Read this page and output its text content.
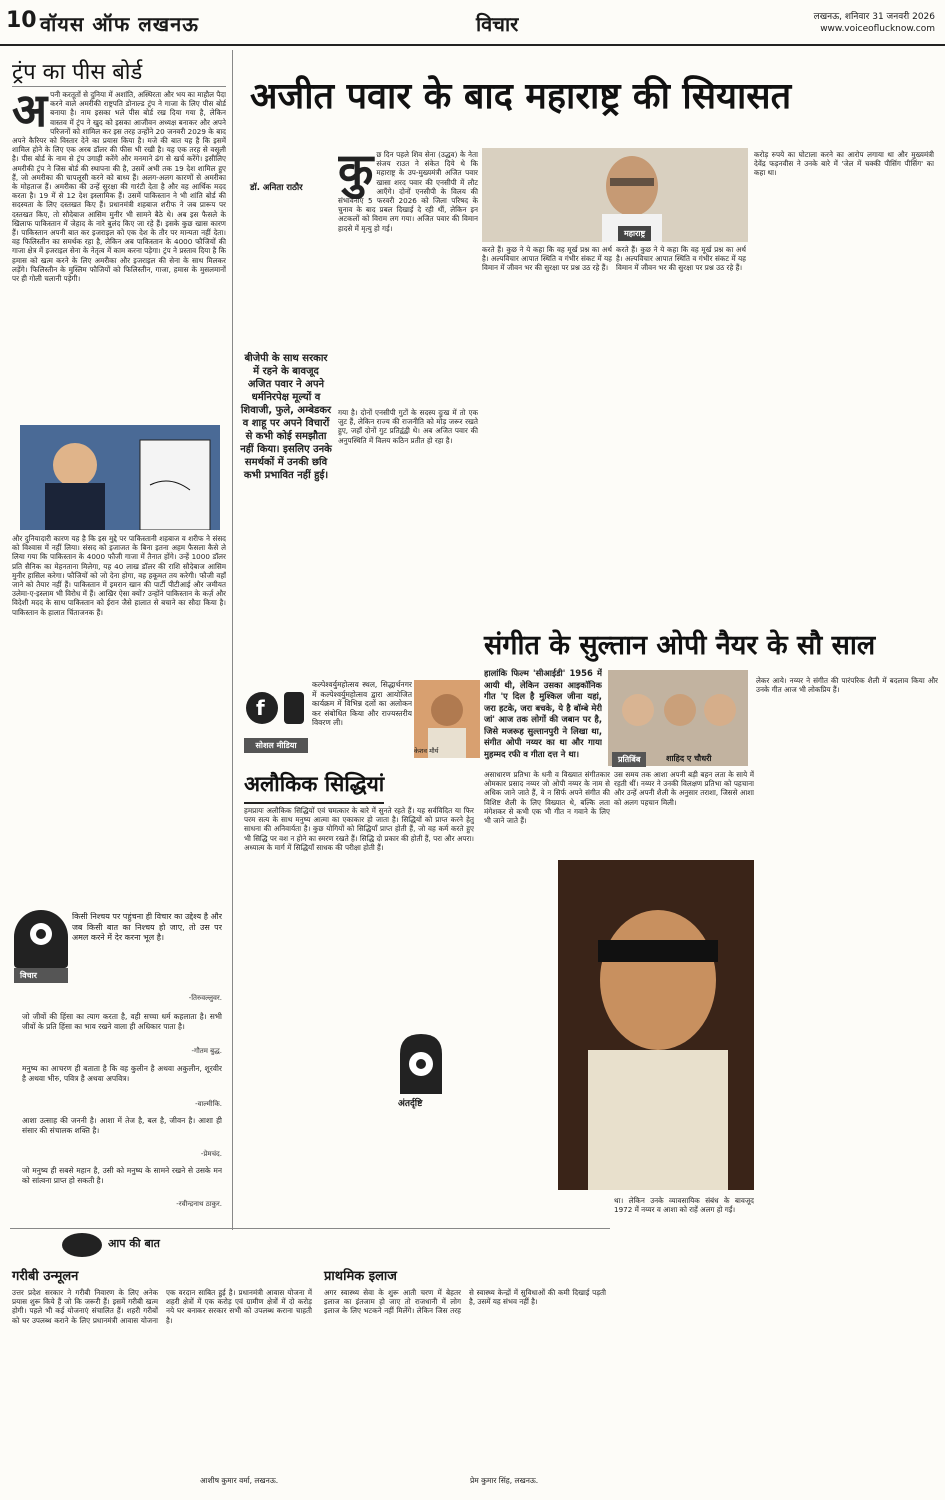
10 वॉयस ऑफ लखनऊ	विचार	लखनऊ, शनिवार 31 जनवरी 2026
www.voiceoflucknow.com
ट्रंप का पीस बोर्ड
अ पनी करतूतों से दुनिया में अशांति, अस्थिरता और भय का माहौल पैदा करने वाले अमरीकी राष्ट्रपति डोनाल्ड ट्रंप ने गाजा के लिए पीस बोर्ड बनाया है। नाम इसका भले पीस बोर्ड रख दिया गया है, लेकिन वास्तव में ट्रंप ने खुद को इसका आजीवन अध्यक्ष बनाकर और अपने परिजनों को शामिल कर इस तरह उन्होंने 20 जनवरी 2029 के बाद अपने कैरियर को विस्तार देने का प्रयास किया है। मजे की बात यह है कि इसमें शामिल होने के लिए एक अरब डॉलर की फीस भी रखी है। यह एक तरह से वसूली है। पीस बोर्ड के नाम से ट्रंप उगाही करेंगे और मनमाने ढंग से खर्च करेंगे। इसीलिए अमरीकी ट्रंप ने जिस बोर्ड की स्थापना की है, उसमें अभी तक 19 देश शामिल हुए हैं, जो अमरीका की चापलूसी करने को बाध्य हैं। अलग-अलग कारणों से अमरीका के मोहताज हैं। अमरीका की उन्हें सुरक्षा की गारंटी देता है और वह आर्थिक मदद करता है। 19 में से 12 देश इस्लामिक हैं। उसमें पाकिस्तान ने भी शांति बोर्ड की सदस्यता के लिए दस्तखत किए हैं। प्रधानमंत्री शहबाज शरीफ ने जब प्रारूप पर दस्तखत किए, तो सौदेबाज आसिम मुनीर भी सामने बैठे थे। अब इस फैसले के खिलाफ पाकिस्तान में जेहाद के नारे बुलंद किए जा रहे हैं। इसके कुछ खास कारण हैं। पाकिस्तान अपनी बात कर इजराइल को एक देश के तौर पर मान्यता नहीं देता। वह फिलिस्तीन का समर्थक रहा है, लेकिन अब पाकिस्तान के 4000 फौजियों की गाजा क्षेत्र में इजराइल सेना के नेतृत्व में काम करना पड़ेगा। ट्रंप ने प्रस्ताव दिया है कि हमास को खत्म करने के लिए अमरीका और इजराइल की सेना के साथ मिलकर लड़ेंगे। फिलिस्तीन के मुस्लिम फौजियों को फिलिस्तीन, गाजा, हमास के मुसलमानों पर ही गोली चलानी पड़ेगी।
और दुनियादारी कारण यह है कि इस मुद्दे पर पाकिस्तानी शहबाज व शरीफ ने संसद को विश्वास में नहीं लिया। संसद को इजाजत के बिना इतना अहम फैसला कैसे ले लिया गया कि पाकिस्तान के 4000 फौजी गाजा में तैनात होंगे। उन्हें 1000 डॉलर प्रति सैनिक का मेहनताना मिलेगा, यह 40 लाख डॉलर की राशि सौदेबाज आसिम मुनीर हासिल करेगा। फौजियों को जो देना होगा, वह हकूमत तय करेगी। फौजी वहाँ जाने को तैयार नहीं हैं। पाकिस्तान में इमरान खान की पार्टी पीटीआई और जमीयत उलेमा-ए-इस्लाम भी विरोध में हैं। आखिर ऐसा क्यों? उन्होंने पाकिस्तान के कर्ज़ और विदेशी मदद के साथ पाकिस्तान को ईरान जैसे हालात से बचाने का सौदा किया है। पाकिस्तान के हालात चिंताजनक हैं।
विचार
किसी निश्चय पर पहुंचना ही विचार का उद्देश्य है और जब किसी बात का निश्चय हो जाए, तो उस पर अमल करने में देर करना भूल है।
-तिरुवल्लुवर.
जो जीवों की हिंसा का त्याग करता है, वही सच्चा धर्म कहलाता है। सभी जीवों के प्रति हिंसा का भाव रखने वाला ही अधिकार पाता है।
-गौतम बुद्ध.
मनुष्य का आचरण ही बताता है कि वह कुलीन है अथवा अकुलीन, शूरवीर है अथवा भीरु, पवित्र है अथवा अपवित्र।
-वाल्मीकि.
आशा उत्साह की जननी है। आशा में तेज है, बल है, जीवन है। आशा ही संसार की संचालक शक्ति है।
-प्रेमचंद.
जो मनुष्य ही सबसे महान है, उसी को मनुष्य के सामने रखने से उसके मन को सांत्वना प्राप्त हो सकती है।
-रवीन्द्रनाथ ठाकुर.
अजीत पवार के बाद महाराष्ट्र की सियासत
डॉ. अनिता राठौर कु छ दिन पहले शिव सेना (उद्धव) के नेता संजय राउत ने संकेत दिये थे कि महाराष्ट्र के उप-मुख्यमंत्री अजित पवार खासा शरद पवार की एनसीपी में लौट आएँगे। दोनों एनसीपी के विलय की संभावनाएं 5 फरवरी 2026 को जिला परिषद के चुनाव के बाद प्रबल दिखाई दे रही थीं, लेकिन इन अटकलों को विराम लग गया। अजित पवार की विमान हादसे में मृत्यु हो गई।
गया है। दोनों एनसीपी गुटों के सदस्य दुःख में तो एक जुट हैं, लेकिन राज्य की राजनीति को मोड़ जरूर रखते हुए, जहाँ दोनों गुट प्रतिद्वंद्वी थे। अब अजित पवार की अनुपस्थिति में विलय कठिन प्रतीत हो रहा है।
करते हैं। कुछ ने ये कहा कि वह मूर्ख प्रश्न का अर्थ है। अल्पविचार आपात स्थिति व गंभीर संकट में यह विमान में जीवन भर की सुरक्षा पर प्रश्न उठ रहे हैं।
करते हैं। कुछ ने ये कहा कि वह मूर्ख प्रश्न का अर्थ है। अल्पविचार आपात स्थिति व गंभीर संकट में यह विमान में जीवन भर की सुरक्षा पर प्रश्न उठ रहे हैं।
करोड़ रुपये का घोटाला करने का आरोप लगाया था और मुख्यमंत्री देवेंद्र फड़नवीस ने उनके बारे में 'जेल में चक्की पीसिंग पीसिंग' का कहा था।
महाराष्ट्र
बीजेपी के साथ सरकार में रहने के बावजूद अजित पवार ने अपने धर्मनिरपेक्ष मूल्यों व शिवाजी, फुले, अम्बेडकर व शाहू पर अपने विचारों से कभी कोई समझौता नहीं किया। इसलिए उनके समर्थकों में उनकी छवि कभी प्रभावित नहीं हुई।
f
सोशल मीडिया
कल्पेश्वर्युमहोत्सव स्थल, सिद्धार्थनगर में कल्पेश्वर्युमहोत्सव द्वारा आयोजित कार्यक्रम में विभिन्न दलों का अलोकन कर संबोधित किया और राज्यस्तरीय विवरण ली।
केशव मौर्य
संगीत के सुल्तान ओपी नैयर के सौ साल
हालांकि फिल्म 'सीआईडी' 1956 में आयी थी, लेकिन उसका आइकॉनिक गीत 'ए दिल है मुश्किल जीना यहां, जरा हटके, जरा बचके, ये है बॉम्बे मेरी जां' आज तक लोगों की जबान पर है, जिसे मजरूह सुल्तानपुरी ने लिखा था, संगीत ओपी नय्यर का था और गाया मुहम्मद रफी व गीता दत्त ने था।
प्रतिबिंब	शाहिद ए चौधरी
अलौकिक सिद्धियां
हमप्रायः अलौकिक सिद्धियों एवं चमत्कार के बारे में सुनते रहते हैं। यह सर्वविदित या फिर परम सत्य के साथ मनुष्य आत्मा का एकाकार हो जाता है। सिद्धियों को प्राप्त करने हेतु साधना की अनिवार्यता है। कुछ योगियों को सिद्धियाँ प्राप्त होती हैं, जो वह कर्म करते हुए भी सिद्धि पर वश न होने का स्मरण रखते हैं। सिद्धि दो प्रकार की होती हैं, परा और अपरा। अध्यात्म के मार्ग में सिद्धियाँ साधक की परीक्षा होती हैं।
अंतर्दृष्टि
असाधारण प्रतिभा के धनी व विख्यात संगीतकार ओमकार प्रसाद नय्यर जो ओपी नय्यर के नाम से अधिक जाने जाते हैं, वे न सिर्फ अपने संगीत की विशिष्ट शैली के लिए विख्यात थे, बल्कि लता मंगेशकर से कभी एक भी गीत न गवाने के लिए भी जाने जाते हैं।
उस समय तक आशा अपनी बड़ी बहन लता के साये में रहती थीं। नय्यर ने उनकी विलक्षण प्रतिभा को पहचाना और उन्हें अपनी शैली के अनुसार तराशा, जिससे आशा को अलग पहचान मिली।
लेकर आये। नय्यर ने संगीत की पारंपरिक शैली में बदलाव किया और उनके गीत आज भी लोकप्रिय हैं।
था। लेकिन उनके व्यावसायिक संबंध के बावजूद 1972 में नय्यर व आशा को राहें अलग हो गईं।
आप की बात
गरीबी उन्मूलन
उत्तर प्रदेश सरकार ने गरीबी निवारण के लिए अनेक प्रयास शुरू किये हैं जो कि जरूरी हैं। इसमें गरीबी खत्म होगी। पहले भी कई योजनाएं संचालित हैं। शहरी गरीबों को घर उपलब्ध कराने के लिए प्रधानमंत्री आवास योजना एक वरदान साबित हुई है। प्रधानमंत्री आवास योजना में शहरी क्षेत्रों में एक करोड़ एवं ग्रामीण क्षेत्रों में दो करोड़ नये घर बनाकर सरकार सभी को उपलब्ध कराना चाहती है।
आशीष कुमार वर्मा, लखनऊ.
प्राथमिक इलाज
अगर स्वास्थ्य सेवा के शुरू आती चरण में बेहतर इलाज का इंतजाम हो जाए तो राजधानी में लोग इलाज के लिए भटकने नहीं मिलेंगे। लेकिन जिस तरह से स्वास्थ्य केन्द्रों में सुविधाओं की कमी दिखाई पड़ती है, उसमें यह संभव नहीं है।
प्रेम कुमार सिंह, लखनऊ.
